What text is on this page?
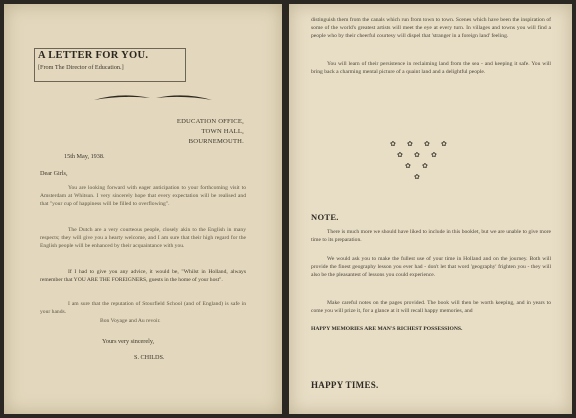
A LETTER FOR YOU.
[From The Director of Education.]
EDUCATION OFFICE,
TOWN HALL,
BOURNEMOUTH.
15th May, 1938.
Dear Girls,
You are looking forward with eager anticipation to your forthcoming visit to Amsterdam at Whitsun. I very sincerely hope that every expectation will be realised and that "your cup of happiness will be filled to overflowing".
The Dutch are a very courteous people, closely akin to the English in many respects; they will give you a hearty welcome, and I am sure that their high regard for the English people will be enhanced by their acquaintance with you.
If I had to give you any advice, it would be, "Whilst in Holland, always remember that YOU ARE THE FOREIGNERS, guests in the home of your host".
I am sure that the reputation of Stourfield School (and of England) is safe in your hands.
Bon Voyage and Au revoir.
Yours very sincerely,
S. CHILDS.
distinguish them from the canals which run from town to town. Scenes which have been the inspiration of some of the world's greatest artists will meet the eye at every turn. In villages and towns you will find a people who by their cheerful courtesy will dispel that 'stranger in a foreign land' feeling.
You will learn of their persistence in reclaiming land from the sea - and keeping it safe. You will bring back a charming mental picture of a quaint land and a delightful people.
✿ ✿ ✿ ✿
✿ ✿ ✿
✿ ✿
✿
NOTE.
There is much more we should have liked to include in this booklet, but we are unable to give more time to its preparation.
We would ask you to make the fullest use of your time in Holland and on the journey. Both will provide the finest geography lesson you ever had - don't let that word 'geography' frighten you - they will also be the pleasantest of lessons you could experience.
Make careful notes on the pages provided. The book will then be worth keeping, and in years to come you will prize it, for a glance at it will recall happy memories, and
HAPPY MEMORIES ARE MAN'S RICHEST POSSESSIONS.
HAPPY TIMES.
